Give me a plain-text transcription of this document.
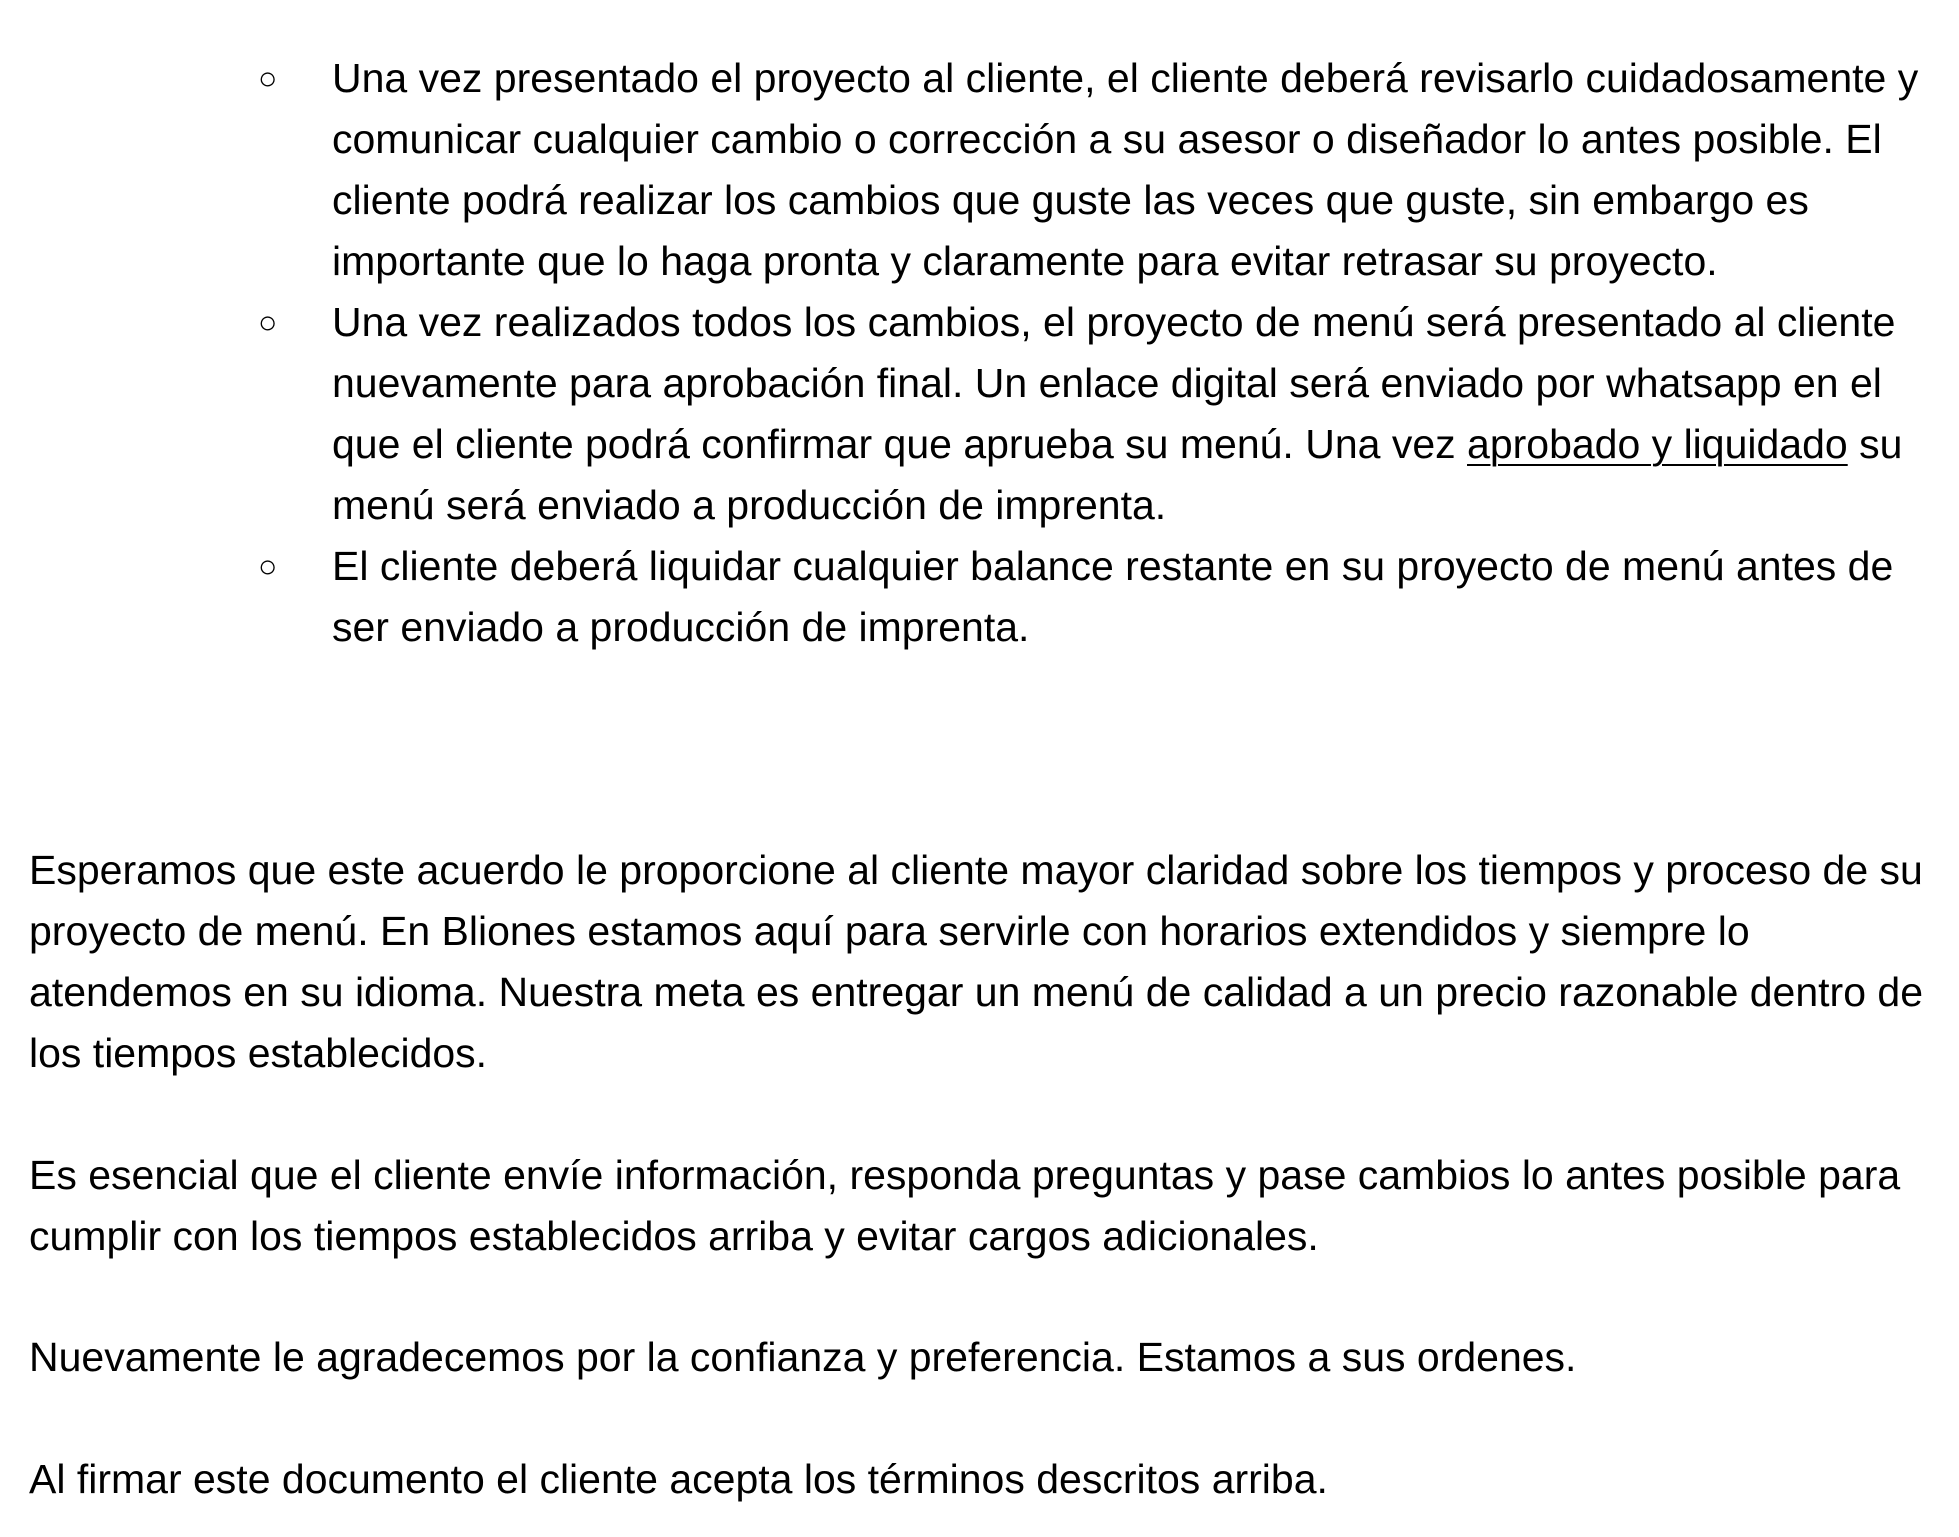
○	Una vez presentado el proyecto al cliente, el cliente deberá revisarlo cuidadosamente y comunicar cualquier cambio o corrección a su asesor o diseñador lo antes posible. El cliente podrá realizar los cambios que guste las veces que guste, sin embargo es importante que lo haga pronta y claramente para evitar retrasar su proyecto.
○	Una vez realizados todos los cambios, el proyecto de menú será presentado al cliente nuevamente para aprobación final. Un enlace digital será enviado por whatsapp en el que el cliente podrá confirmar que aprueba su menú. Una vez aprobado y liquidado su menú será enviado a producción de imprenta.
○	El cliente deberá liquidar cualquier balance restante en su proyecto de menú antes de ser enviado a producción de imprenta.

Esperamos que este acuerdo le proporcione al cliente mayor claridad sobre los tiempos y proceso de su proyecto de menú. En Bliones estamos aquí para servirle con horarios extendidos y siempre lo atendemos en su idioma. Nuestra meta es entregar un menú de calidad a un precio razonable dentro de los tiempos establecidos.

Es esencial que el cliente envíe información, responda preguntas y pase cambios lo antes posible para cumplir con los tiempos establecidos arriba y evitar cargos adicionales.

Nuevamente le agradecemos por la confianza y preferencia. Estamos a sus ordenes.

Al firmar este documento el cliente acepta los términos descritos arriba.
